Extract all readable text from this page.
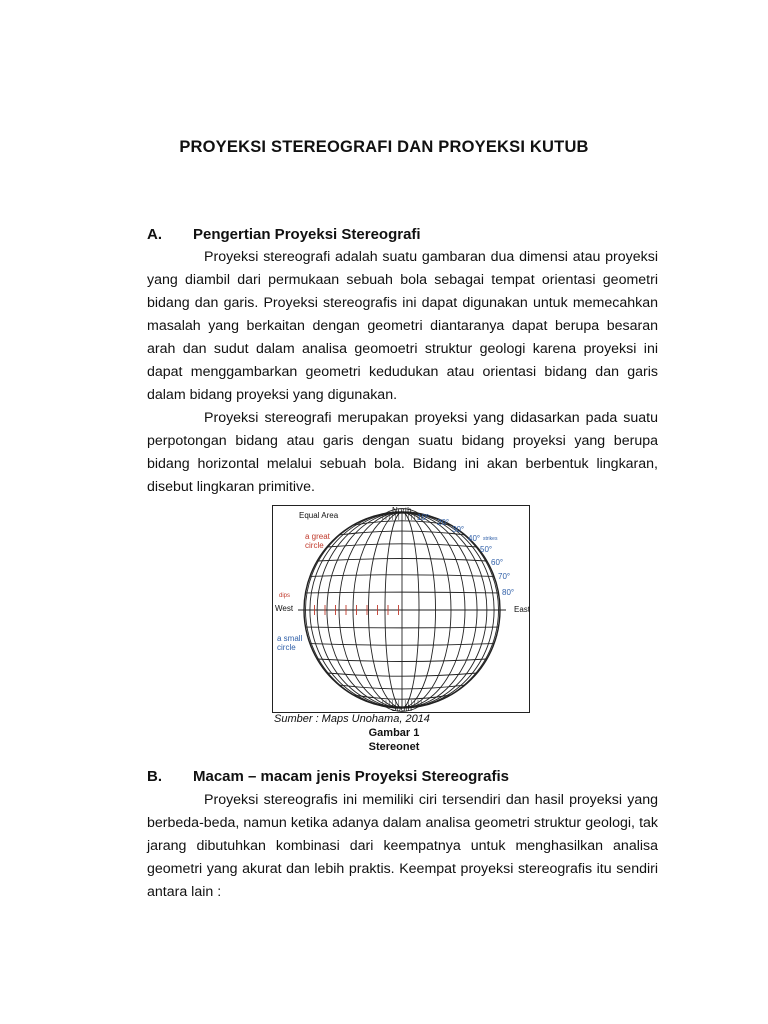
PROYEKSI STEREOGRAFI DAN PROYEKSI KUTUB
A. Pengertian Proyeksi Stereografi

Proyeksi stereografi adalah suatu gambaran dua dimensi atau proyeksi yang diambil dari permukaan sebuah bola sebagai tempat orientasi geometri bidang dan garis. Proyeksi stereografis ini dapat digunakan untuk memecahkan masalah yang berkaitan dengan geometri diantaranya dapat berupa besaran arah dan sudut dalam analisa geomoetri struktur geologi karena proyeksi ini dapat menggambarkan geometri kedudukan atau orientasi bidang dan garis dalam bidang proyeksi yang digunakan.

Proyeksi stereografi merupakan proyeksi yang didasarkan pada suatu perpotongan bidang atau garis dengan suatu bidang proyeksi yang berupa bidang horizontal melalui sebuah bola. Bidang ini akan berbentuk lingkaran, disebut lingkaran primitive.

Equal Area
North
South
West	East
a great circle
a small circle
dips
strikes
10°
20°
30°
40°
50°
60°
70°
80°
Sumber : Maps Unohama, 2014
Gambar 1
Stereonet
B. Macam – macam jenis Proyeksi Stereografis

Proyeksi stereografis ini memiliki ciri tersendiri dan hasil proyeksi yang berbeda-beda, namun ketika adanya dalam analisa geometri struktur geologi, tak jarang dibutuhkan kombinasi dari keempatnya untuk menghasilkan analisa geometri yang akurat dan lebih praktis. Keempat proyeksi stereografis itu sendiri antara lain :
